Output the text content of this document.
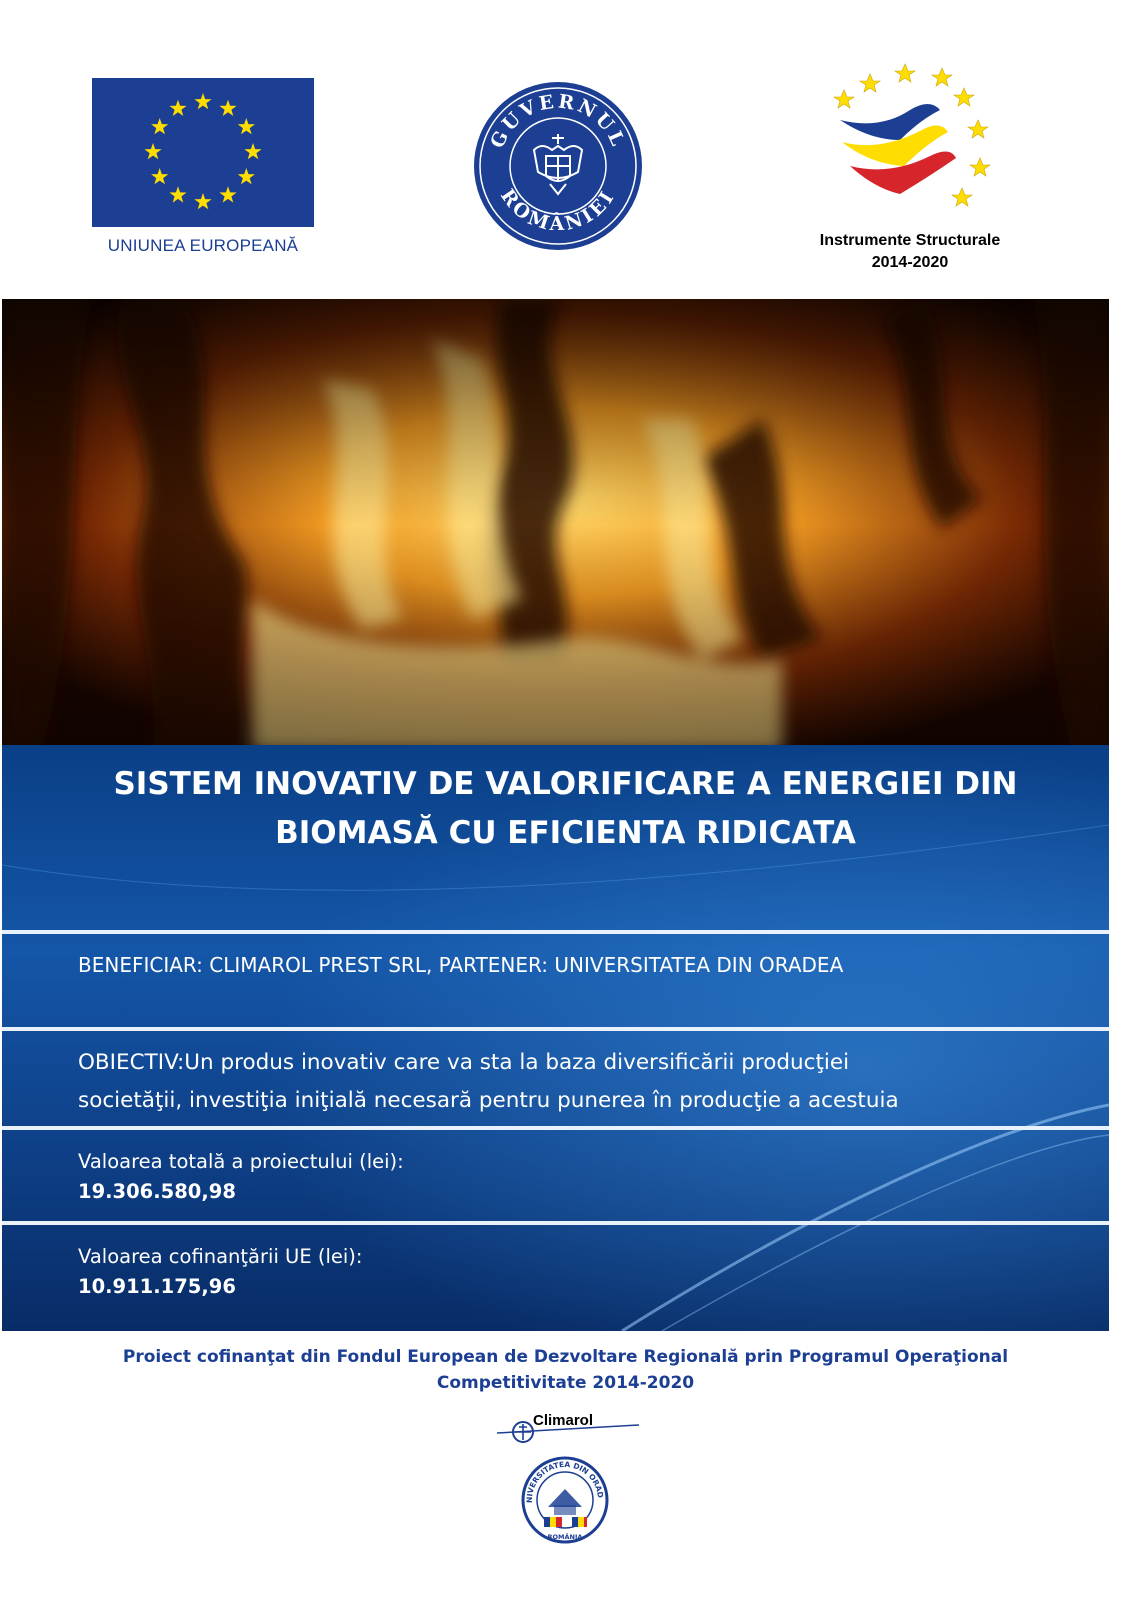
UNIUNEA EUROPEANĂ
GUVERNUL
ROMÂNIEI
Instrumente Structurale
2014-2020
SISTEM INOVATIV DE VALORIFICARE A ENERGIEI DIN
BIOMASĂ CU EFICIENTA RIDICATA
BENEFICIAR: CLIMAROL PREST SRL, PARTENER: UNIVERSITATEA DIN ORADEA
OBIECTIV:Un produs inovativ care va sta la baza diversificării producţiei
societăţii, investiţia iniţială necesară pentru punerea în producţie a acestuia
Valoarea totală a proiectului (lei):
19.306.580,98
Valoarea cofinanţării UE (lei):
10.911.175,96
Proiect cofinanţat din Fondul European de Dezvoltare Regională prin Programul Operaţional
Competitivitate 2014-2020
Climarol
NIVERSITATEA DIN ORAD
ROMÂNIA
